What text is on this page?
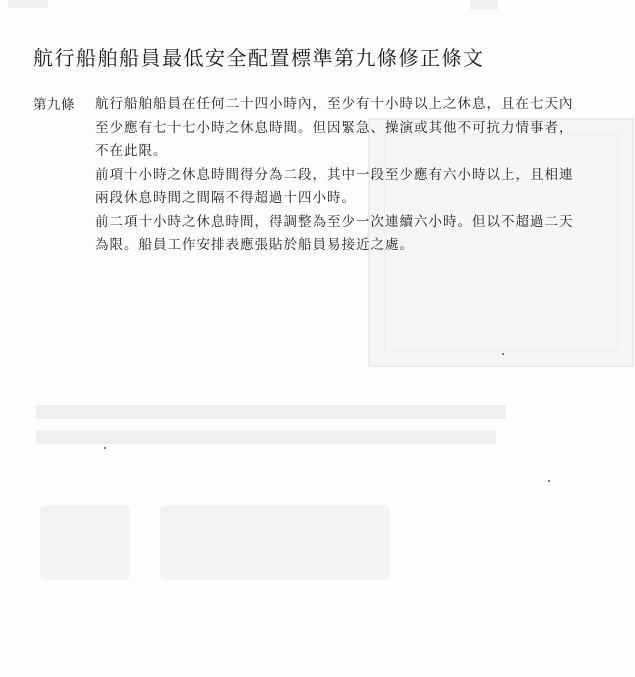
航行船舶船員最低安全配置標準第九條修正條文
第九條 航行船舶船員在任何二十四小時內，至少有十小時以上之休息，且在七天內
至少應有七十七小時之休息時間。但因緊急、操演或其他不可抗力情事者，
不在此限。
前項十小時之休息時間得分為二段，其中一段至少應有六小時以上，且相連
兩段休息時間之間隔不得超過十四小時。
前二項十小時之休息時間，得調整為至少一次連續六小時。但以不超過二天
為限。船員工作安排表應張貼於船員易接近之處。
